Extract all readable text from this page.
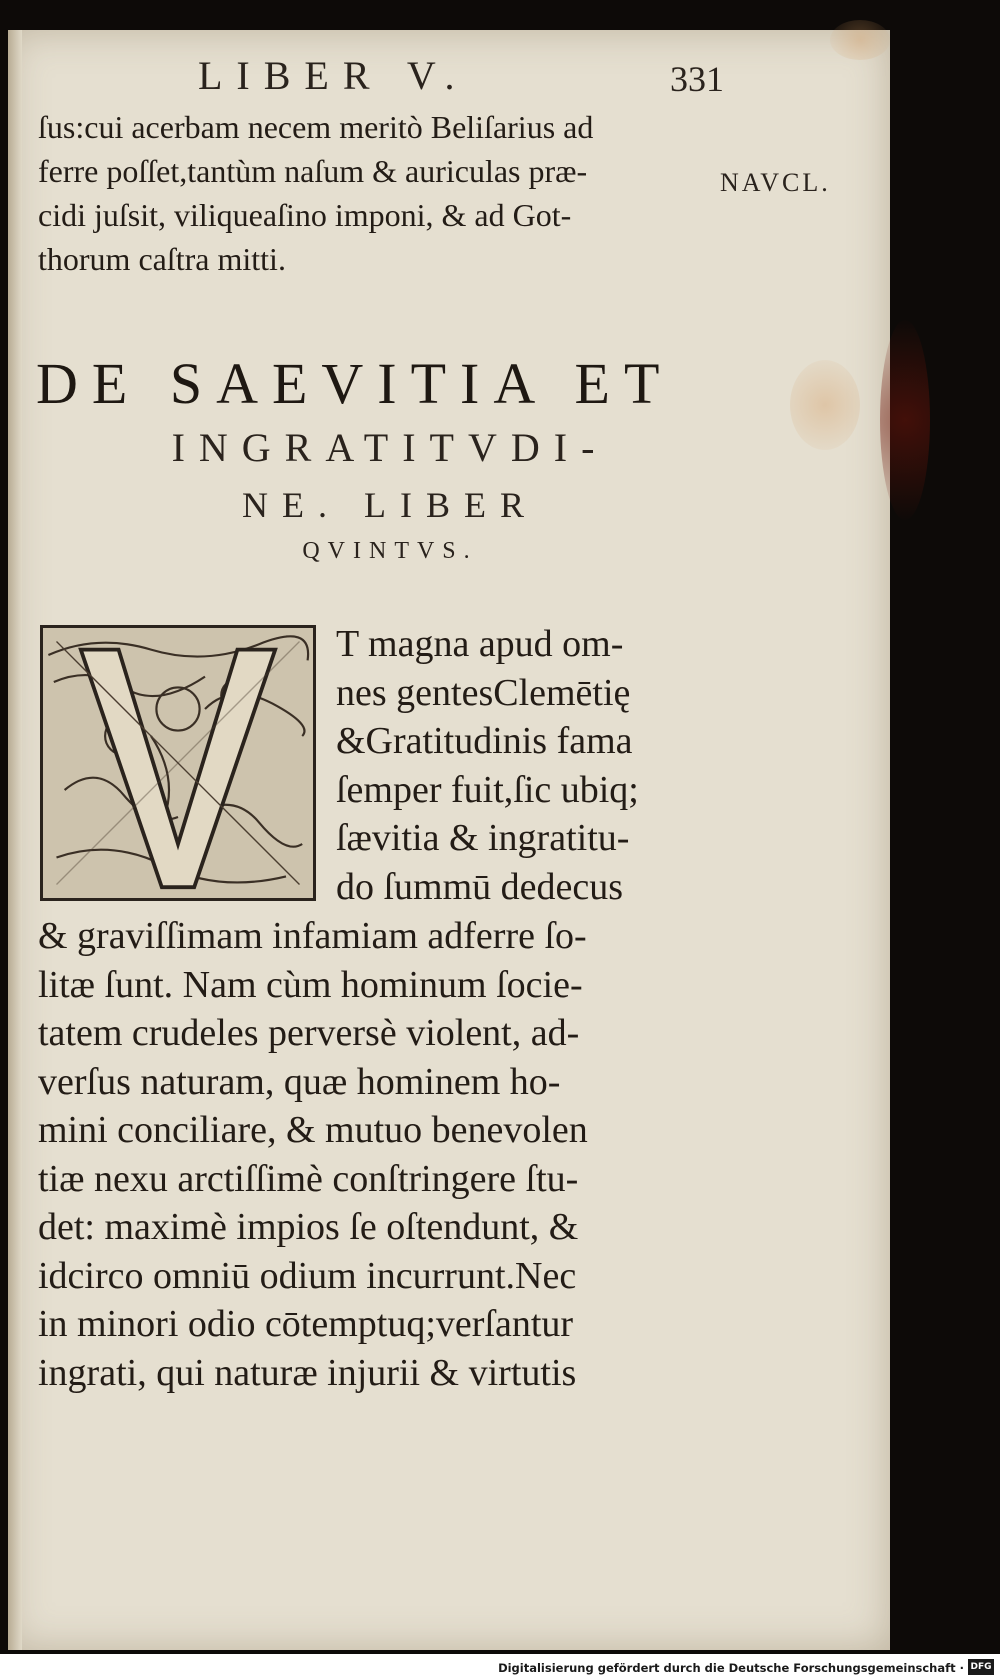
LIBER V.	331
NAVCL.
ſus:cui acerbam necem meritò Beliſarius ad
ferre poſſet,tantùm naſum & auriculas præ-
cidi juſsit, viliqueaſino imponi, & ad Got-
thorum caſtra mitti.
DE SAEVITIA ET
INGRATITVDI-
NE. LIBER
QVINTVS.
T magna apud om-
nes gentesClemētię
&Gratitudinis fama
ſemper fuit,ſic ubiq;
ſævitia & ingratitu-
do ſummū dedecus
& graviſſimam infamiam adferre ſo-
litæ ſunt. Nam cùm hominum ſocie-
tatem crudeles perversè violent, ad-
verſus naturam, quæ hominem ho-
mini conciliare, & mutuo benevolen
tiæ nexu arctiſſimè conſtringere ſtu-
det: maximè impios ſe oſtendunt, &
idcirco omniū odium incurrunt.Nec
in minori odio cōtemptuq;verſantur
ingrati, qui naturæ injurii & virtutis
Digitalisierung gefördert durch die Deutsche Forschungsgemeinschaft · DFG
